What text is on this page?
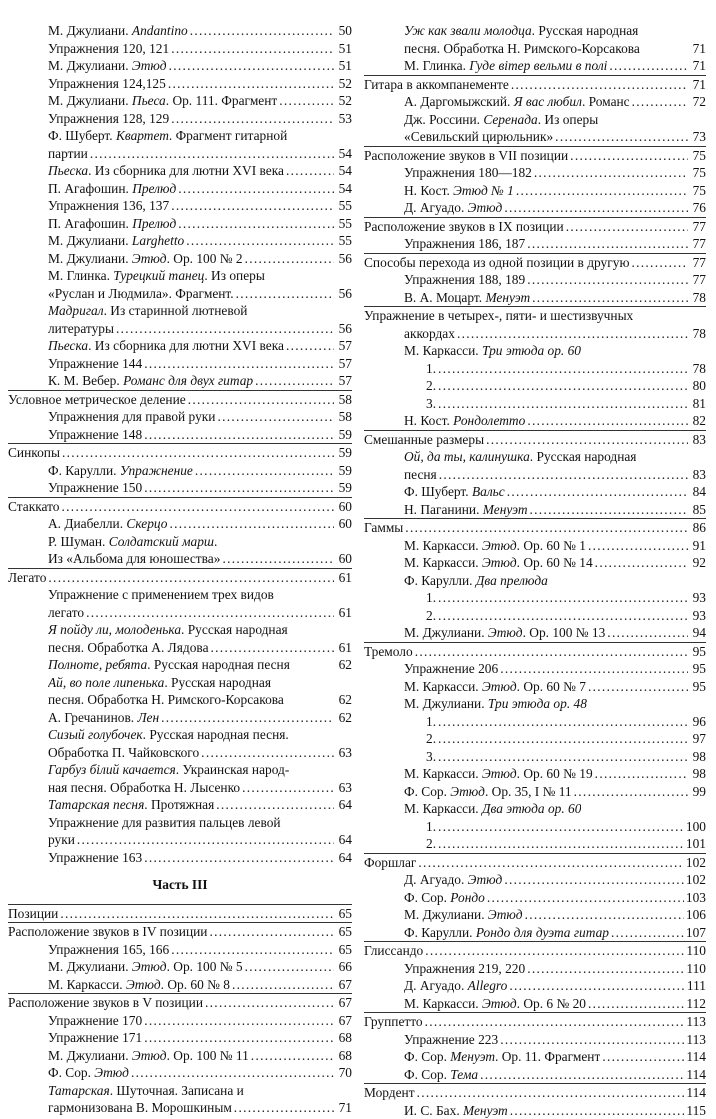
М. Джулиани. Andantino .....	50
Упражнения 120, 121 .....	51
М. Джулиани. Этюд .....	51
Упражнения 124,125 .....	52
М. Джулиани. Пьеса. Ор. 111. Фрагмент .....	52
Упражнения 128, 129 .....	53
Ф. Шуберт. Квартет. Фрагмент гитарной
партии .....	54
Пьеска. Из сборника для лютни XVI века .....	54
П. Агафошин. Прелюд .....	54
Упражнения 136, 137 .....	55
П. Агафошин. Прелюд .....	55
М. Джулиани. Larghetto .....	55
М. Джулиани. Этюд. Ор. 100 № 2 .....	56
М. Глинка. Турецкий танец. Из оперы
«Руслан и Людмила». Фрагмент. .....	56
Мадригал. Из старинной лютневой
литературы .....	56
Пьеска. Из сборника для лютни XVI века .....	57
Упражнение 144 .....	57
К. М. Вебер. Романс для двух гитар .....	57
Условное метрическое деление .....	58
Упражнения для правой руки .....	58
Упражнение 148 .....	59
Синкопы .....	59
Ф. Карулли. Упражнение .....	59
Упражнение 150 .....	59
Стаккато .....	60
А. Диабелли. Скерцо .....	60
Р. Шуман. Солдатский марш.
Из «Альбома для юношества» .....	60
Легато .....	61
Упражнение с применением трех видов
легато .....	61
Я пойду ли, молоденька. Русская народная
песня. Обработка А. Лядова .....	61
Полноте, ребята. Русская народная песня	62
Ай, во поле липенька. Русская народная
песня. Обработка Н. Римского-Корсакова	62
А. Гречанинов. Лен .....	62
Сизый голубочек. Русская народная песня.
Обработка П. Чайковского .....	63
Гарбуз білий качается. Украинская народ-
ная песня. Обработка Н. Лысенко .....	63
Татарская песня. Протяжная .....	64
Упражнение для развития пальцев левой
руки .....	64
Упражнение 163 .....	64
Часть III
Позиции .....	65
Расположение звуков в IV позиции .....	65
Упражнения 165, 166 .....	65
М. Джулиани. Этюд. Ор. 100 № 5 .....	66
М. Каркасси. Этюд. Ор. 60 № 8 .....	67
Расположение звуков в V позиции .....	67
Упражнение 170 .....	67
Упражнение 171 .....	68
М. Джулиани. Этюд. Ор. 100 № 11 .....	68
Ф. Сор. Этюд .....	70
Татарская. Шуточная. Записана и
гармонизована В. Морошкиным .....	71
Уж как звали молодца. Русская народная
песня. Обработка Н. Римского-Корсакова	71
М. Глинка. Гуде вітер вельми в полі .....	71
Гитара в аккомпанементе .....	71
А. Даргомыжский. Я вас любил. Романс .....	72
Дж. Россини. Серенада. Из оперы
«Севильский цирюльник» .....	73
Расположение звуков в VII позиции .....	75
Упражнения 180—182 .....	75
Н. Кост. Этюд № 1 .....	75
Д. Агуадо. Этюд .....	76
Расположение звуков в IX позиции .....	77
Упражнения 186, 187 .....	77
Способы перехода из одной позиции в другую .....	77
Упражнения 188, 189 .....	77
В. А. Моцарт. Менуэт .....	78
Упражнение в четырех-, пяти- и шестизвучных
аккордах .....	78
М. Каркасси. Три этюда ор. 60
1. .....	78
2. .....	80
3. .....	81
Н. Кост. Рондолетто .....	82
Смешанные размеры .....	83
Ой, да ты, калинушка. Русская народная
песня .....	83
Ф. Шуберт. Вальс .....	84
Н. Паганини. Менуэт .....	85
Гаммы .....	86
М. Каркасси. Этюд. Ор. 60 № 1 .....	91
М. Каркасси. Этюд. Ор. 60 № 14 .....	92
Ф. Карулли. Два прелюда
1. .....	93
2. .....	93
М. Джулиани. Этюд. Ор. 100 № 13 .....	94
Тремоло .....	95
Упражнение 206 .....	95
М. Каркасси. Этюд. Ор. 60 № 7 .....	95
М. Джулиани. Три этюда ор. 48
1. .....	96
2. .....	97
3. .....	98
М. Каркасси. Этюд. Ор. 60 № 19 .....	98
Ф. Сор. Этюд. Ор. 35, I № 11 .....	99
М. Каркасси. Два этюда ор. 60
1. .....	100
2. .....	101
Форшлаг .....	102
Д. Агуадо. Этюд .....	102
Ф. Сор. Рондо .....	103
М. Джулиани. Этюд .....	106
Ф. Карулли. Рондо для дуэта гитар .....	107
Глиссандо .....	110
Упражнения 219, 220 .....	110
Д. Агуадо. Allegro .....	111
М. Каркасси. Этюд. Ор. 6 № 20 .....	112
Группетто .....	113
Упражнение 223 .....	113
Ф. Сор. Менуэт. Ор. 11. Фрагмент .....	114
Ф. Сор. Тема .....	114
Мордент .....	114
И. С. Бах. Менуэт .....	115
